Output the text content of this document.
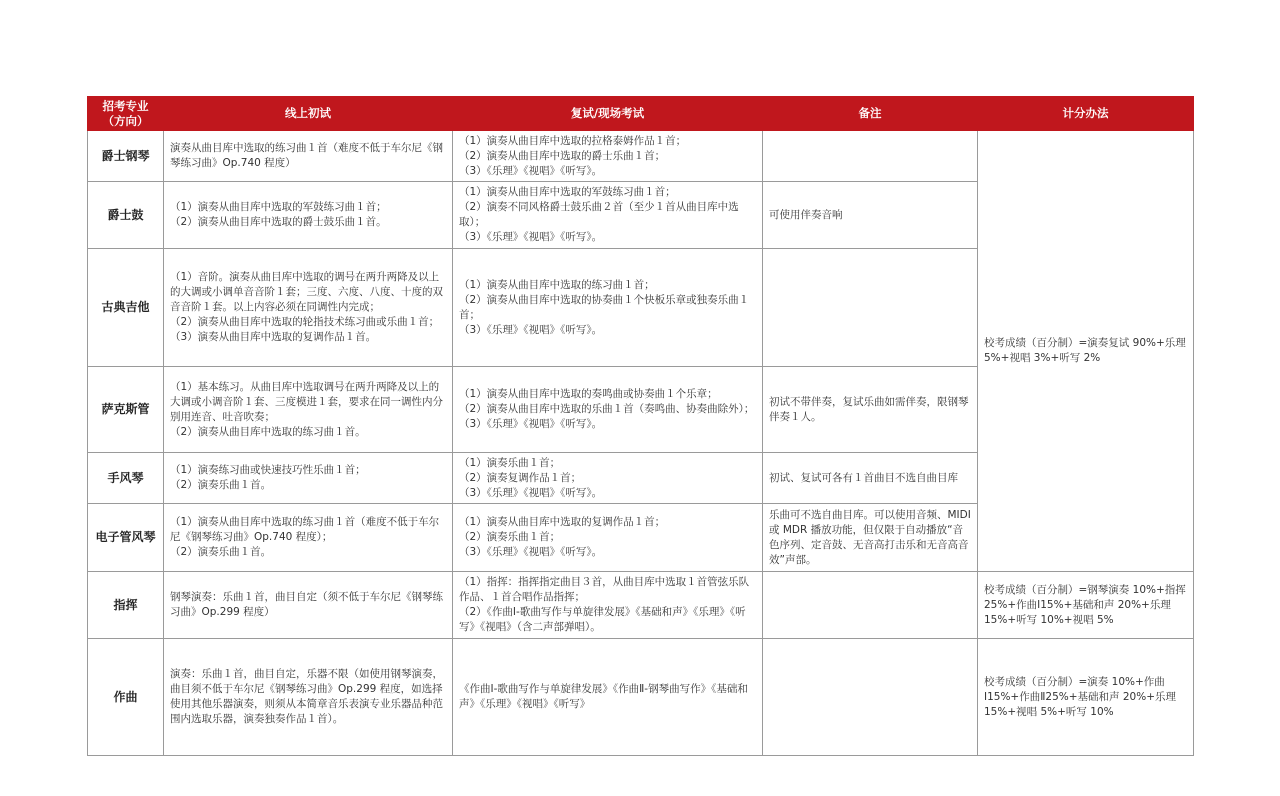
招考专业
（方向）	线上初试	复试/现场考试	备注	计分办法
爵士钢琴	演奏从曲目库中选取的练习曲１首（难度不低于车尔尼《钢琴练习曲》Op.740 程度）	（1）演奏从曲目库中选取的拉格泰姆作品１首；
（2）演奏从曲目库中选取的爵士乐曲１首；
（3）《乐理》《视唱》《听写》。		校考成绩（百分制）=演奏复试 90%+乐理 5%+视唱 3%+听写 2%
爵士鼓	（1）演奏从曲目库中选取的军鼓练习曲１首；
（2）演奏从曲目库中选取的爵士鼓乐曲１首。	（1）演奏从曲目库中选取的军鼓练习曲１首；
（2）演奏不同风格爵士鼓乐曲２首（至少１首从曲目库中选取）；
（3）《乐理》《视唱》《听写》。	可使用伴奏音响	
古典吉他	（1）音阶。演奏从曲目库中选取的调号在两升两降及以上的大调或小调单音音阶１套；三度、六度、八度、十度的双音音阶１套。以上内容必须在同调性内完成；
（2）演奏从曲目库中选取的轮指技术练习曲或乐曲１首；
（3）演奏从曲目库中选取的复调作品１首。	（1）演奏从曲目库中选取的练习曲１首；
（2）演奏从曲目库中选取的协奏曲１个快板乐章或独奏乐曲１首；
（3）《乐理》《视唱》《听写》。		
萨克斯管	（1）基本练习。从曲目库中选取调号在两升两降及以上的大调或小调音阶１套、三度模进１套，要求在同一调性内分别用连音、吐音吹奏；
（2）演奏从曲目库中选取的练习曲１首。	（1）演奏从曲目库中选取的奏鸣曲或协奏曲１个乐章；
（2）演奏从曲目库中选取的乐曲１首（奏鸣曲、协奏曲除外）；
（3）《乐理》《视唱》《听写》。	初试不带伴奏，复试乐曲如需伴奏，限钢琴伴奏１人。	
手风琴	（1）演奏练习曲或快速技巧性乐曲１首；
（2）演奏乐曲１首。	（1）演奏乐曲１首；
（2）演奏复调作品１首；
（3）《乐理》《视唱》《听写》。	初试、复试可各有１首曲目不选自曲目库	
电子管风琴	（1）演奏从曲目库中选取的练习曲１首（难度不低于车尔尼《钢琴练习曲》Op.740 程度）；
（2）演奏乐曲１首。	（1）演奏从曲目库中选取的复调作品１首；
（2）演奏乐曲１首；
（3）《乐理》《视唱》《听写》。	乐曲可不选自曲目库。可以使用音频、MIDI 或 MDR 播放功能，但仅限于自动播放“音色序列、定音鼓、无音高打击乐和无音高音效”声部。	
指挥	钢琴演奏：乐曲１首，曲目自定（须不低于车尔尼《钢琴练习曲》Op.299 程度）	（1）指挥：指挥指定曲目３首，从曲目库中选取１首管弦乐队作品、１首合唱作品指挥；
（2）《作曲Ⅰ-歌曲写作与单旋律发展》《基础和声》《乐理》《听写》《视唱》（含二声部弹唱）。		校考成绩（百分制）=钢琴演奏 10%+指挥 25%+作曲Ⅰ15%+基础和声 20%+乐理 15%+听写 10%+视唱 5%
作曲	演奏：乐曲１首，曲目自定，乐器不限（如使用钢琴演奏，曲目须不低于车尔尼《钢琴练习曲》Op.299 程度，如选择使用其他乐器演奏，则须从本简章音乐表演专业乐器品种范围内选取乐器，演奏独奏作品１首）。	《作曲Ⅰ-歌曲写作与单旋律发展》《作曲Ⅱ-钢琴曲写作》《基础和声》《乐理》《视唱》《听写》		校考成绩（百分制）=演奏 10%+作曲Ⅰ15%+作曲Ⅱ25%+基础和声 20%+乐理 15%+视唱 5%+听写 10%
